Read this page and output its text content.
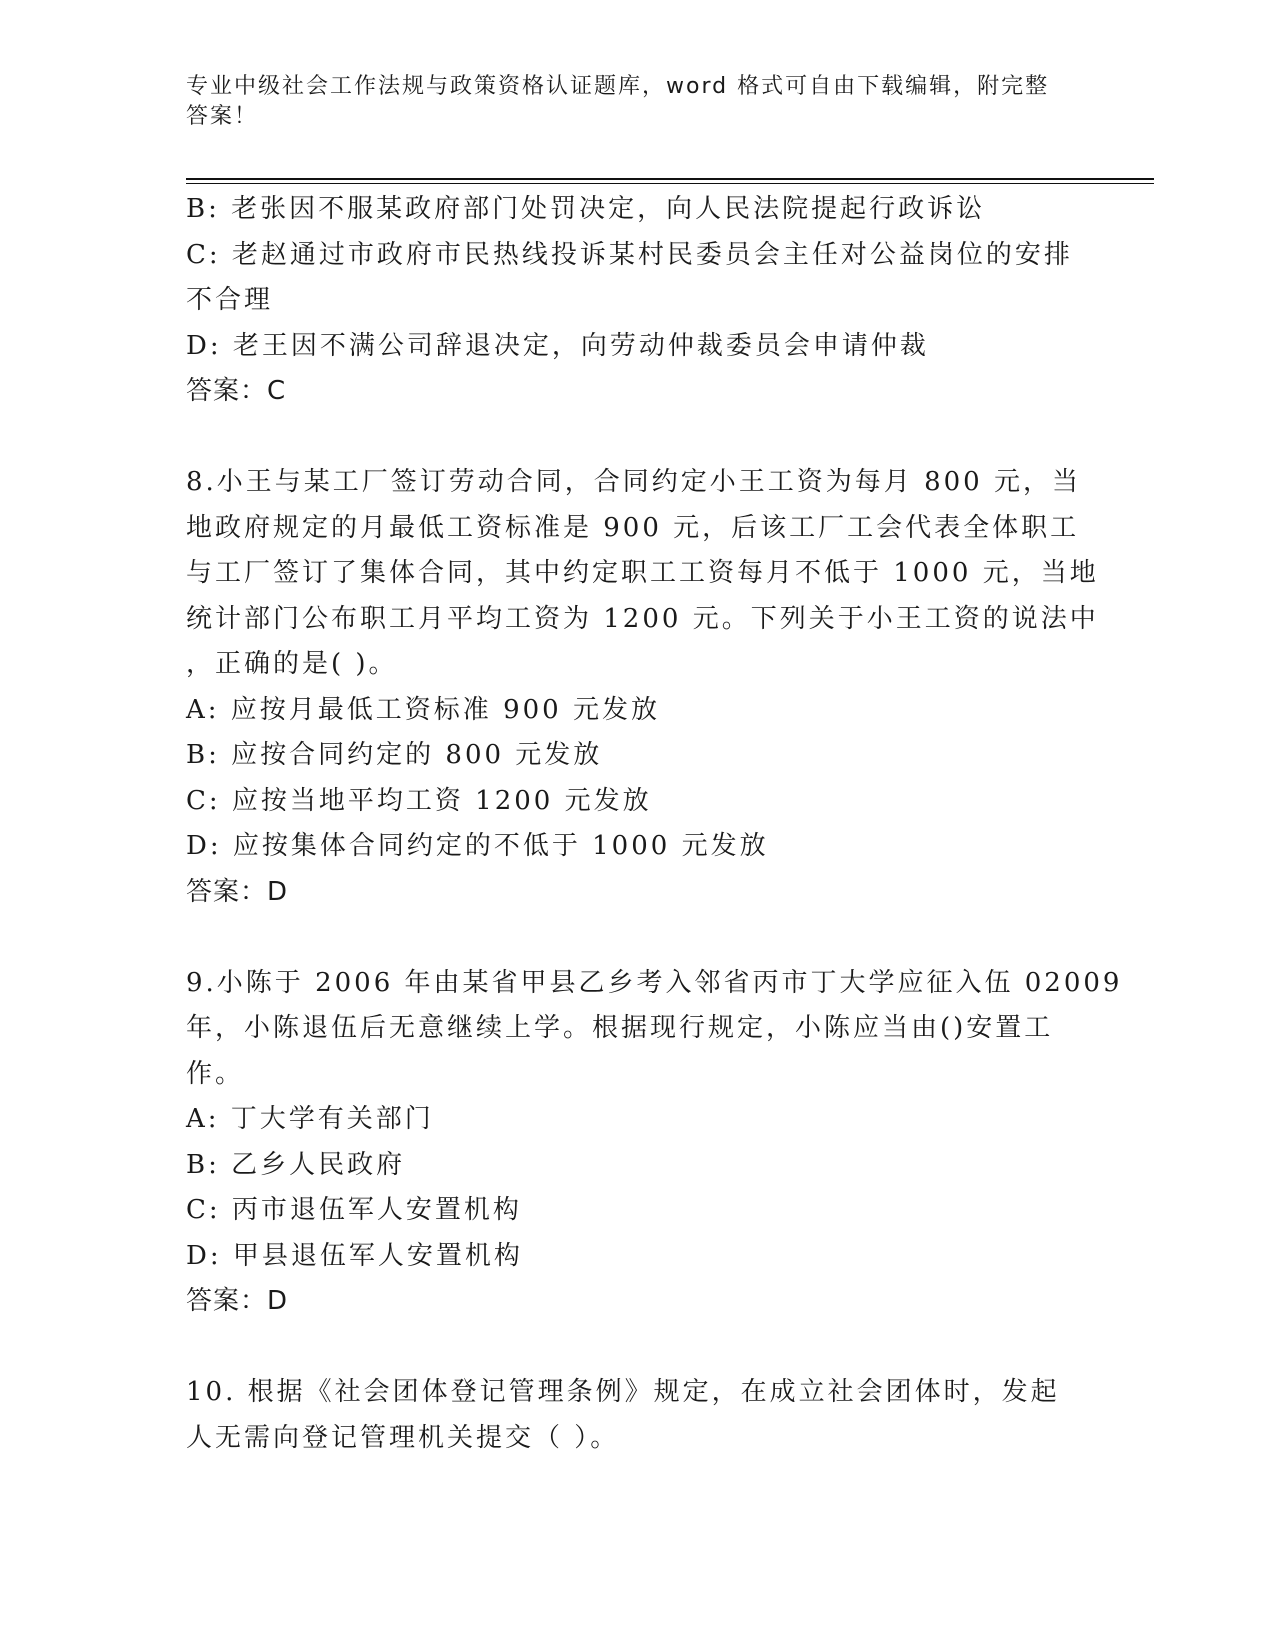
专业中级社会工作法规与政策资格认证题库，word 格式可自由下载编辑，附完整
答案！
B: 老张因不服某政府部门处罚决定，向人民法院提起行政诉讼
C: 老赵通过市政府市民热线投诉某村民委员会主任对公益岗位的安排
不合理
D: 老王因不满公司辞退决定，向劳动仲裁委员会申请仲裁
答案：C
8.小王与某工厂签订劳动合同，合同约定小王工资为每月 800 元，当
地政府规定的月最低工资标准是 900 元，后该工厂工会代表全体职工
与工厂签订了集体合同，其中约定职工工资每月不低于 1000 元，当地
统计部门公布职工月平均工资为 1200 元。下列关于小王工资的说法中
，正确的是( )。
A: 应按月最低工资标准 900 元发放
B: 应按合同约定的 800 元发放
C: 应按当地平均工资 1200 元发放
D: 应按集体合同约定的不低于 1000 元发放
答案：D
9.小陈于 2006 年由某省甲县乙乡考入邻省丙市丁大学应征入伍 02009
年，小陈退伍后无意继续上学。根据现行规定，小陈应当由()安置工
作。
A: 丁大学有关部门
B: 乙乡人民政府
C: 丙市退伍军人安置机构
D: 甲县退伍军人安置机构
答案：D
10. 根据《社会团体登记管理条例》规定，在成立社会团体时，发起
人无需向登记管理机关提交（ ）。
